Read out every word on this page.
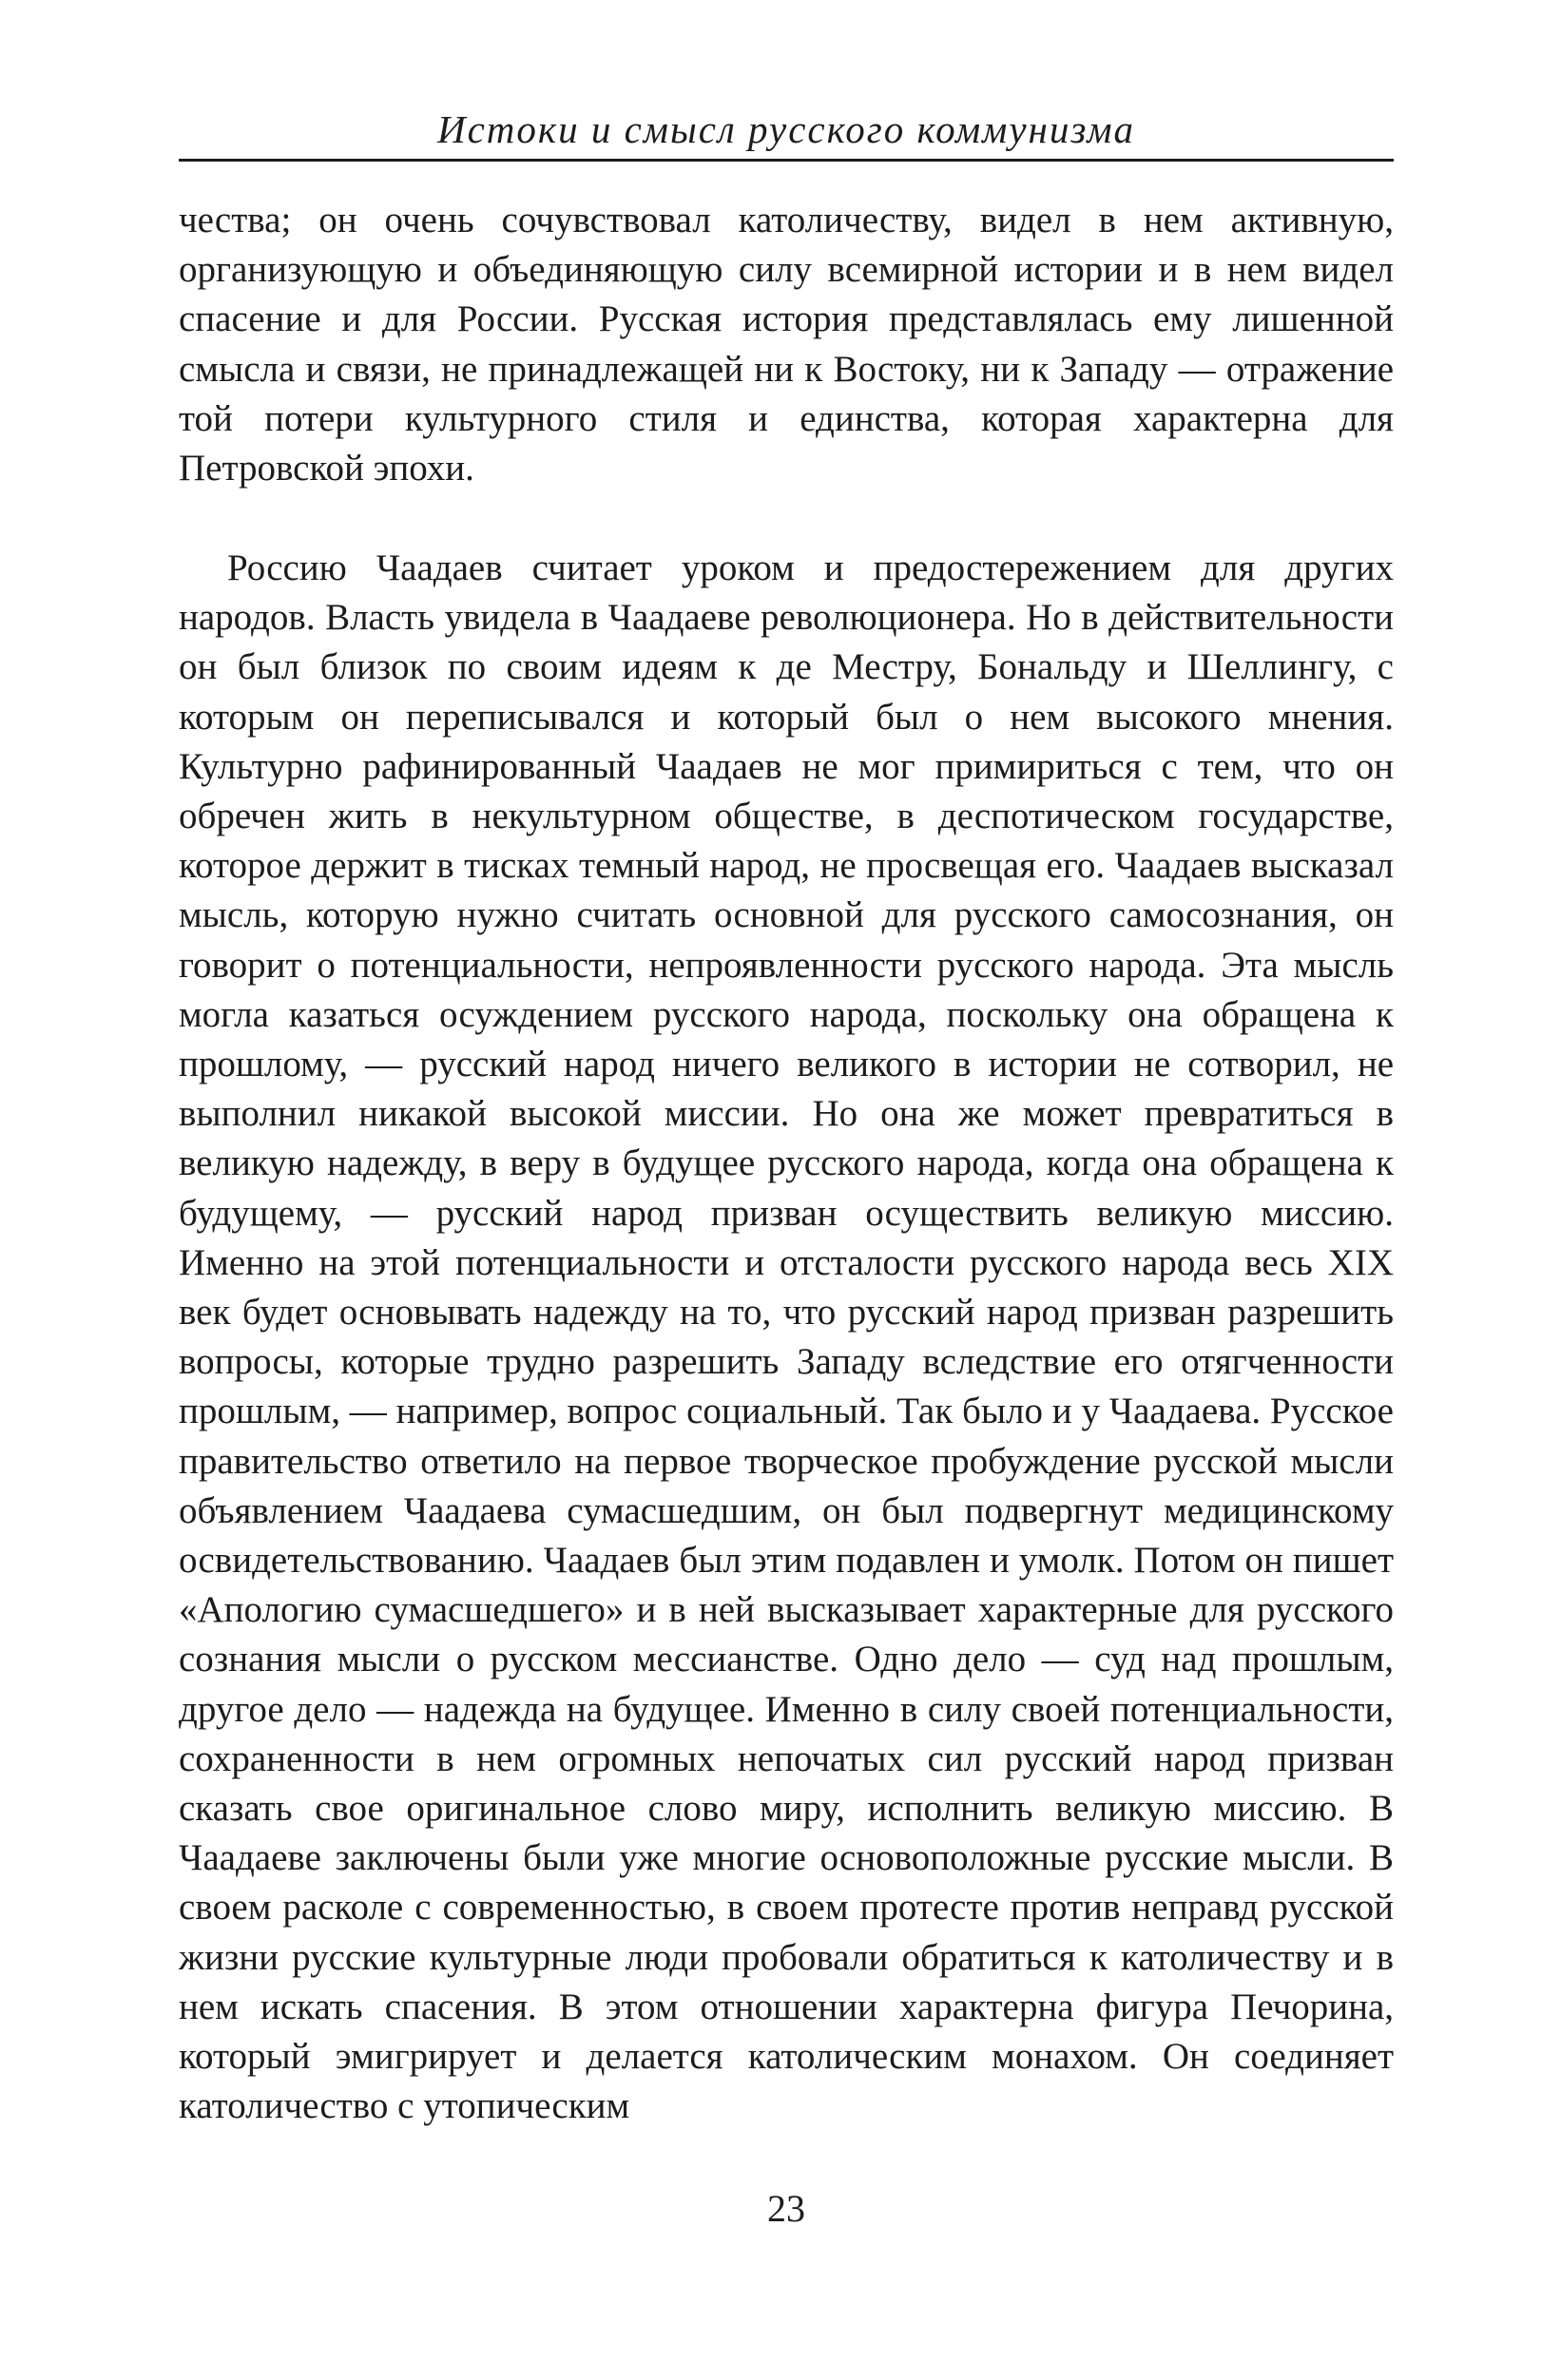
Истоки и смысл русского коммунизма

чества; он очень сочувствовал католичеству, видел в нем активную, организующую и объединяющую силу всемирной истории и в нем видел спасение и для России. Русская история представлялась ему лишенной смысла и связи, не принадлежащей ни к Востоку, ни к Западу — отражение той потери культурного стиля и единства, которая характерна для Петровской эпохи.

Россию Чаадаев считает уроком и предостережением для других народов. Власть увидела в Чаадаеве революционера. Но в действительности он был близок по своим идеям к де Местру, Бональду и Шеллингу, с которым он переписывался и который был о нем высокого мнения. Культурно рафинированный Чаадаев не мог примириться с тем, что он обречен жить в некультурном обществе, в деспотическом государстве, которое держит в тисках темный народ, не просвещая его. Чаадаев высказал мысль, которую нужно считать основной для русского самосознания, он говорит о потенциальности, непроявленности русского народа. Эта мысль могла казаться осуждением русского народа, поскольку она обращена к прошлому, — русский народ ничего великого в истории не сотворил, не выполнил никакой высокой миссии. Но она же может превратиться в великую надежду, в веру в будущее русского народа, когда она обращена к будущему, — русский народ призван осуществить великую миссию. Именно на этой потенциальности и отсталости русского народа весь XIX век будет основывать надежду на то, что русский народ призван разрешить вопросы, которые трудно разрешить Западу вследствие его отягченности прошлым, — например, вопрос социальный. Так было и у Чаадаева. Русское правительство ответило на первое творческое пробуждение русской мысли объявлением Чаадаева сумасшедшим, он был подвергнут медицинскому освидетельствованию. Чаадаев был этим подавлен и умолк. Потом он пишет «Апологию сумасшедшего» и в ней высказывает характерные для русского сознания мысли о русском мессианстве. Одно дело — суд над прошлым, другое дело — надежда на будущее. Именно в силу своей потенциальности, сохраненности в нем огромных непочатых сил русский народ призван сказать свое оригинальное слово миру, исполнить великую миссию. В Чаадаеве заключены были уже многие основоположные русские мысли. В своем расколе с современностью, в своем протесте против неправд русской жизни русские культурные люди пробовали обратиться к католичеству и в нем искать спасения. В этом отношении характерна фигура Печорина, который эмигрирует и делается католическим монахом. Он соединяет католичество с утопическим

23
